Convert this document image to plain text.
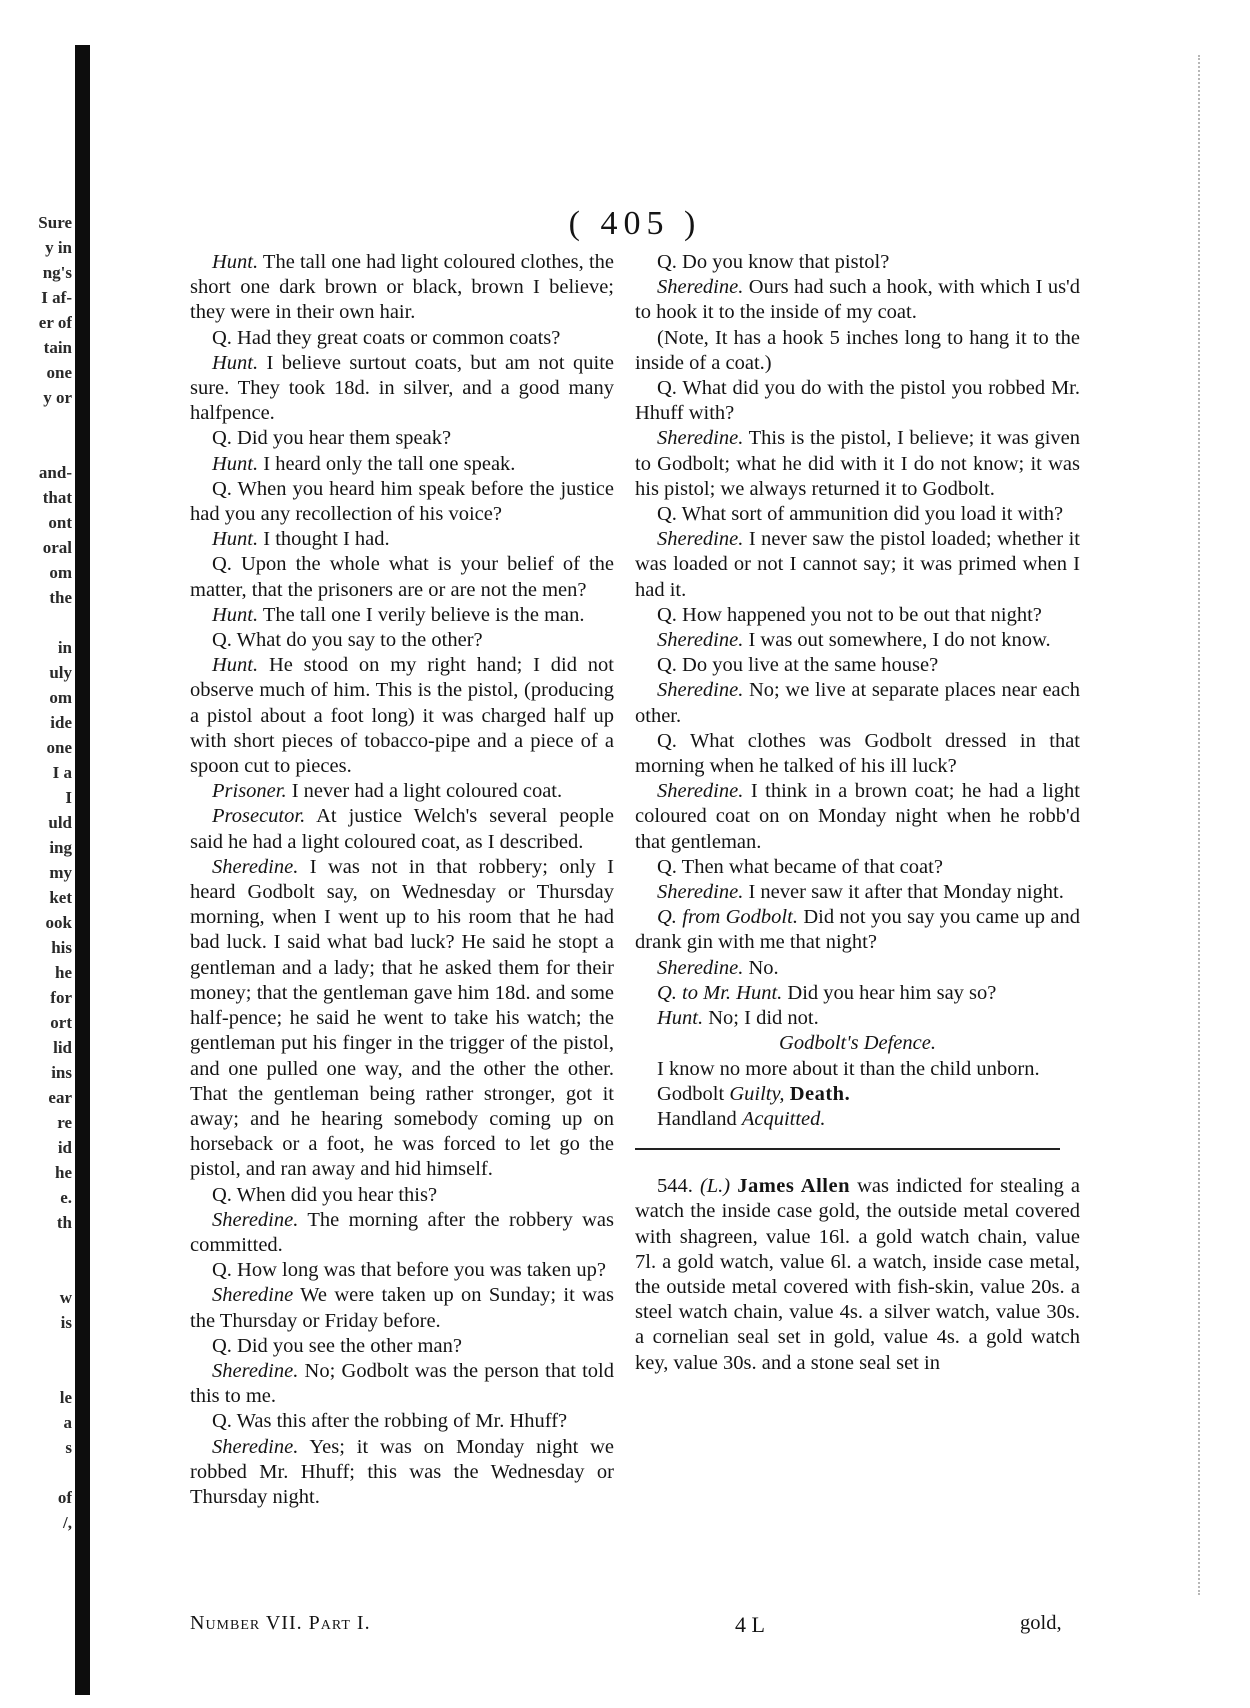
Sure
y in
ng's
I af-
er of
tain
one
y or
and-
that
ont
oral
om
the
in
uly
om
ide
one
I a
I
uld
ing
my
ket
ook
his
he
for
ort
lid
ins
ear
re
id
he
e.
th
w
is
le
a
s
of
/,
( 405 )

Hunt. The tall one had light coloured clothes, the short one dark brown or black, brown I believe; they were in their own hair.

Q. Had they great coats or common coats?

Hunt. I believe surtout coats, but am not quite sure. They took 18d. in silver, and a good many halfpence.

Q. Did you hear them speak?

Hunt. I heard only the tall one speak.

Q. When you heard him speak before the justice had you any recollection of his voice?

Hunt. I thought I had.

Q. Upon the whole what is your belief of the matter, that the prisoners are or are not the men?

Hunt. The tall one I verily believe is the man.

Q. What do you say to the other?

Hunt. He stood on my right hand; I did not observe much of him. This is the pistol, (producing a pistol about a foot long) it was charged half up with short pieces of tobacco-pipe and a piece of a spoon cut to pieces.

Prisoner. I never had a light coloured coat.

Prosecutor. At justice Welch's several people said he had a light coloured coat, as I described.

Sheredine. I was not in that robbery; only I heard Godbolt say, on Wednesday or Thursday morning, when I went up to his room that he had bad luck. I said what bad luck? He said he stopt a gentleman and a lady; that he asked them for their money; that the gentleman gave him 18d. and some half-pence; he said he went to take his watch; the gentleman put his finger in the trigger of the pistol, and one pulled one way, and the other the other. That the gentleman being rather stronger, got it away; and he hearing somebody coming up on horseback or a foot, he was forced to let go the pistol, and ran away and hid himself.

Q. When did you hear this?

Sheredine. The morning after the robbery was committed.

Q. How long was that before you was taken up?

Sheredine We were taken up on Sunday; it was the Thursday or Friday before.

Q. Did you see the other man?

Sheredine. No; Godbolt was the person that told this to me.

Q. Was this after the robbing of Mr. Hhuff?

Sheredine. Yes; it was on Monday night we robbed Mr. Hhuff; this was the Wednesday or Thursday night.

Q. Do you know that pistol?

Sheredine. Ours had such a hook, with which I us'd to hook it to the inside of my coat.

(Note, It has a hook 5 inches long to hang it to the inside of a coat.)

Q. What did you do with the pistol you robbed Mr. Hhuff with?

Sheredine. This is the pistol, I believe; it was given to Godbolt; what he did with it I do not know; it was his pistol; we always returned it to Godbolt.

Q. What sort of ammunition did you load it with?

Sheredine. I never saw the pistol loaded; whether it was loaded or not I cannot say; it was primed when I had it.

Q. How happened you not to be out that night?

Sheredine. I was out somewhere, I do not know.

Q. Do you live at the same house?

Sheredine. No; we live at separate places near each other.

Q. What clothes was Godbolt dressed in that morning when he talked of his ill luck?

Sheredine. I think in a brown coat; he had a light coloured coat on on Monday night when he robb'd that gentleman.

Q. Then what became of that coat?

Sheredine. I never saw it after that Monday night.

Q. from Godbolt. Did not you say you came up and drank gin with me that night?

Sheredine. No.

Q. to Mr. Hunt. Did you hear him say so?

Hunt. No; I did not.

Godbolt's Defence.

I know no more about it than the child unborn.

Godbolt Guilty, Death.

Handland Acquitted.

544. (L.) James Allen was indicted for stealing a watch the inside case gold, the outside metal covered with shagreen, value 16l. a gold watch chain, value 7l. a gold watch, value 6l. a watch, inside case metal, the outside metal covered with fish-skin, value 20s. a steel watch chain, value 4s. a silver watch, value 30s. a cornelian seal set in gold, value 4s. a gold watch key, value 30s. and a stone seal set in

Number VII. Part I.	4 L	gold,
